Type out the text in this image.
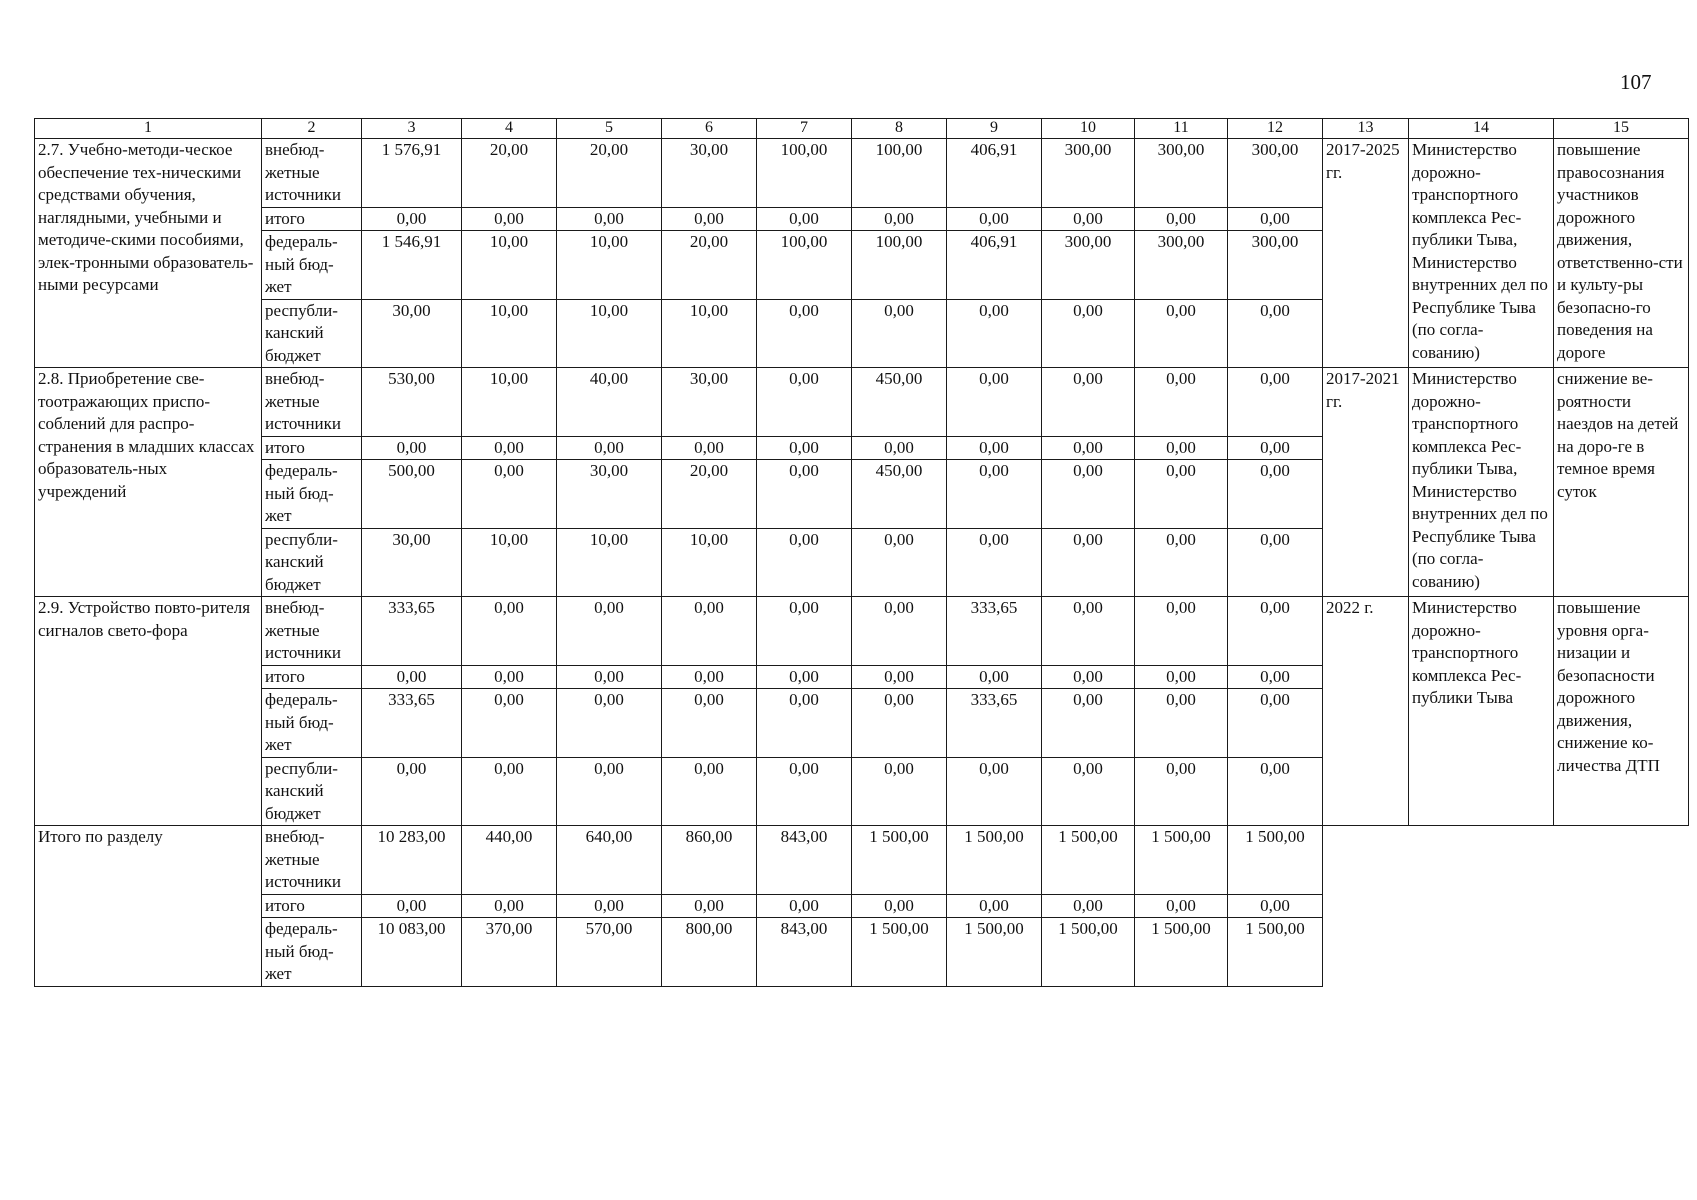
107
1	2	3	4	5	6	7	8	9	10	11	12	13	14	15
2.7. Учебно-методи-ческое обеспечение тех-ническими средствами обучения, наглядными, учебными и методиче-скими пособиями, элек-тронными образователь-ными ресурсами	внебюд-жетные источники	1 576,91	20,00	20,00	30,00	100,00	100,00	406,91	300,00	300,00	300,00	2017-2025 гг.	Министерство дорожно-транспортного комплекса Рес-публики Тыва, Министерство внутренних дел по Республике Тыва (по согла-сованию)	повышение правосознания участников дорожного движения, ответственно-сти и культу-ры безопасно-го поведения на дороге
	итого	0,00	0,00	0,00	0,00	0,00	0,00	0,00	0,00	0,00	0,00			
	федераль-ный бюд-жет	1 546,91	10,00	10,00	20,00	100,00	100,00	406,91	300,00	300,00	300,00			
	республи-канский бюджет	30,00	10,00	10,00	10,00	0,00	0,00	0,00	0,00	0,00	0,00			
2.8. Приобретение све-тоотражающих приспо-соблений для распро-странения в младших классах образователь-ных учреждений	внебюд-жетные источники	530,00	10,00	40,00	30,00	0,00	450,00	0,00	0,00	0,00	0,00	2017-2021 гг.	Министерство дорожно-транспортного комплекса Рес-публики Тыва, Министерство внутренних дел по Республике Тыва (по согла-сованию)	снижение ве-роятности наездов на детей на доро-ге в темное время суток
	итого	0,00	0,00	0,00	0,00	0,00	0,00	0,00	0,00	0,00	0,00			
	федераль-ный бюд-жет	500,00	0,00	30,00	20,00	0,00	450,00	0,00	0,00	0,00	0,00			
	республи-канский бюджет	30,00	10,00	10,00	10,00	0,00	0,00	0,00	0,00	0,00	0,00			
2.9. Устройство повто-рителя сигналов свето-фора	внебюд-жетные источники	333,65	0,00	0,00	0,00	0,00	0,00	333,65	0,00	0,00	0,00	2022 г.	Министерство дорожно-транспортного комплекса Рес-публики Тыва	повышение уровня орга-низации и безопасности дорожного движения, снижение ко-личества ДТП
	итого	0,00	0,00	0,00	0,00	0,00	0,00	0,00	0,00	0,00	0,00			
	федераль-ный бюд-жет	333,65	0,00	0,00	0,00	0,00	0,00	333,65	0,00	0,00	0,00			
	республи-канский бюджет	0,00	0,00	0,00	0,00	0,00	0,00	0,00	0,00	0,00	0,00			
Итого по разделу	внебюд-жетные источники	10 283,00	440,00	640,00	860,00	843,00	1 500,00	1 500,00	1 500,00	1 500,00	1 500,00			
	итого	0,00	0,00	0,00	0,00	0,00	0,00	0,00	0,00	0,00	0,00			
	федераль-ный бюд-жет	10 083,00	370,00	570,00	800,00	843,00	1 500,00	1 500,00	1 500,00	1 500,00	1 500,00			
